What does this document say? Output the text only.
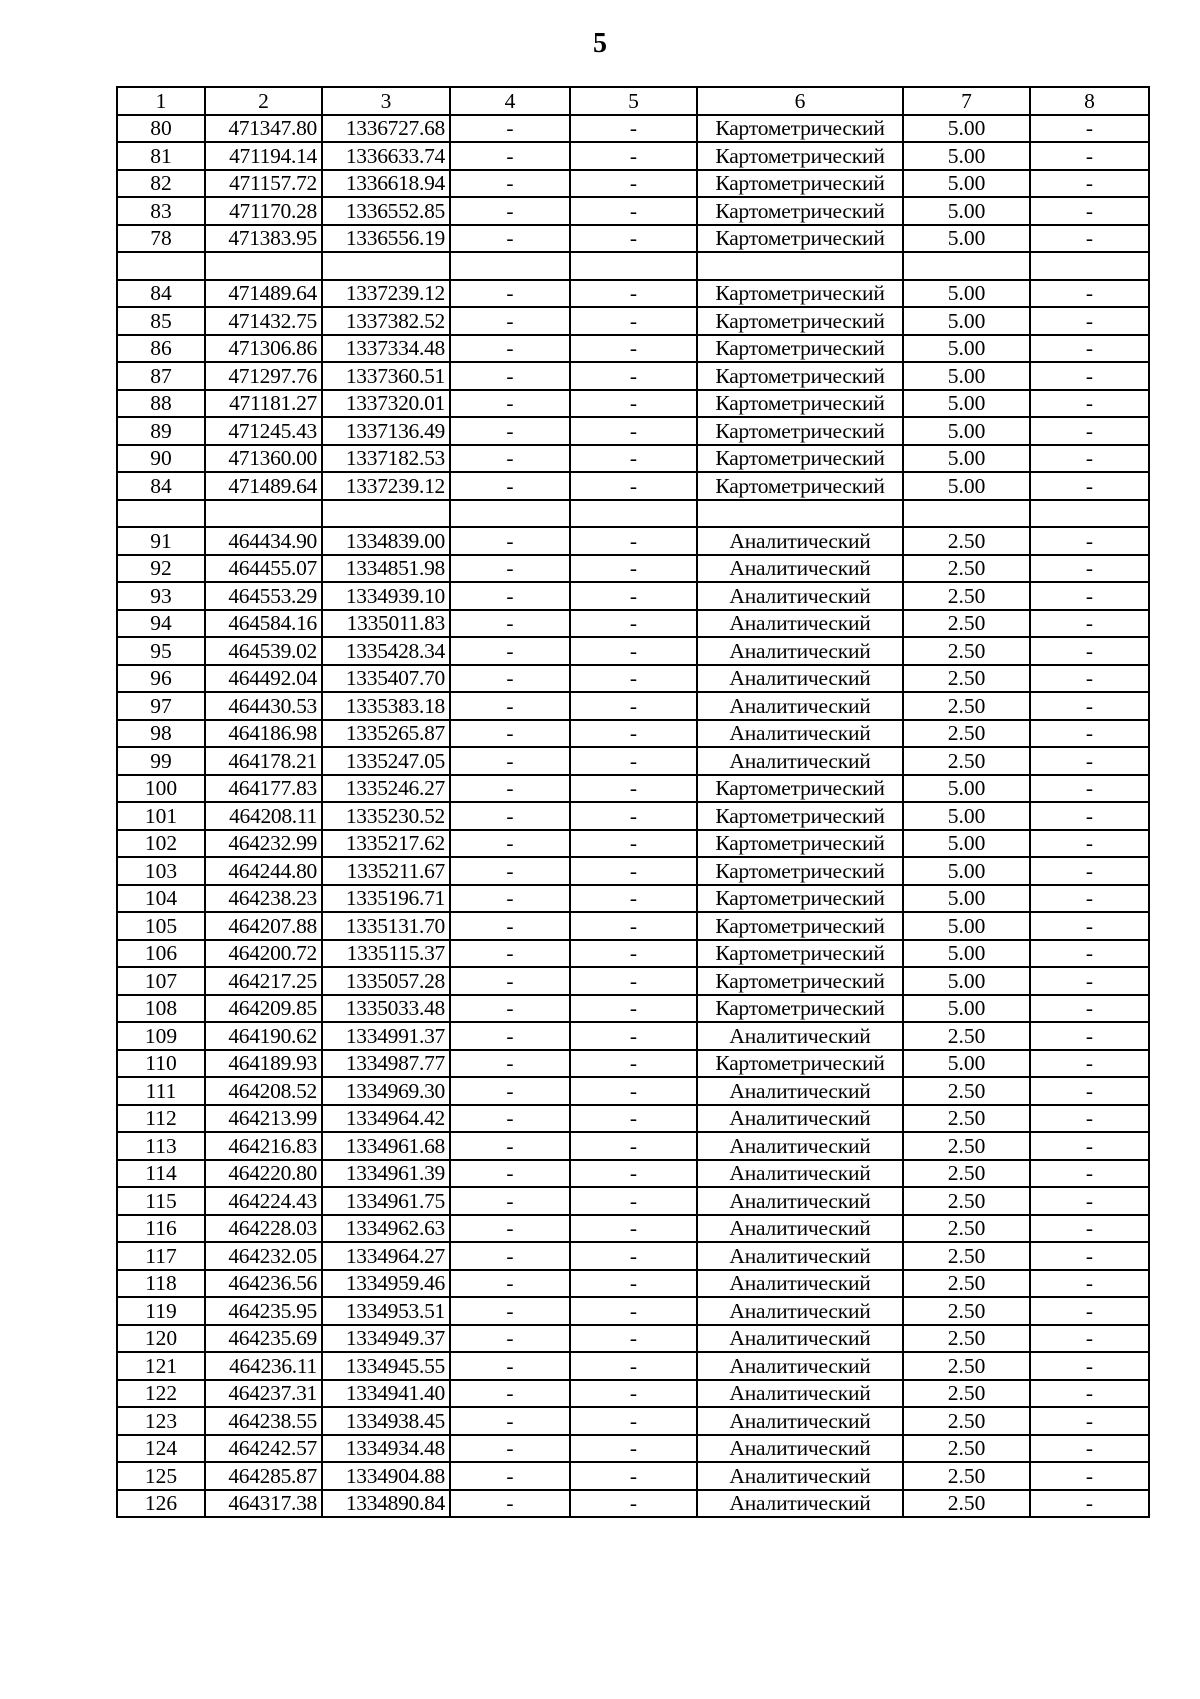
5
1	2	3	4	5	6	7	8
80	471347.80	1336727.68	-	-	Картометрический	5.00	-
81	471194.14	1336633.74	-	-	Картометрический	5.00	-
82	471157.72	1336618.94	-	-	Картометрический	5.00	-
83	471170.28	1336552.85	-	-	Картометрический	5.00	-
78	471383.95	1336556.19	-	-	Картометрический	5.00	-

84	471489.64	1337239.12	-	-	Картометрический	5.00	-
85	471432.75	1337382.52	-	-	Картометрический	5.00	-
86	471306.86	1337334.48	-	-	Картометрический	5.00	-
87	471297.76	1337360.51	-	-	Картометрический	5.00	-
88	471181.27	1337320.01	-	-	Картометрический	5.00	-
89	471245.43	1337136.49	-	-	Картометрический	5.00	-
90	471360.00	1337182.53	-	-	Картометрический	5.00	-
84	471489.64	1337239.12	-	-	Картометрический	5.00	-

91	464434.90	1334839.00	-	-	Аналитический	2.50	-
92	464455.07	1334851.98	-	-	Аналитический	2.50	-
93	464553.29	1334939.10	-	-	Аналитический	2.50	-
94	464584.16	1335011.83	-	-	Аналитический	2.50	-
95	464539.02	1335428.34	-	-	Аналитический	2.50	-
96	464492.04	1335407.70	-	-	Аналитический	2.50	-
97	464430.53	1335383.18	-	-	Аналитический	2.50	-
98	464186.98	1335265.87	-	-	Аналитический	2.50	-
99	464178.21	1335247.05	-	-	Аналитический	2.50	-
100	464177.83	1335246.27	-	-	Картометрический	5.00	-
101	464208.11	1335230.52	-	-	Картометрический	5.00	-
102	464232.99	1335217.62	-	-	Картометрический	5.00	-
103	464244.80	1335211.67	-	-	Картометрический	5.00	-
104	464238.23	1335196.71	-	-	Картометрический	5.00	-
105	464207.88	1335131.70	-	-	Картометрический	5.00	-
106	464200.72	1335115.37	-	-	Картометрический	5.00	-
107	464217.25	1335057.28	-	-	Картометрический	5.00	-
108	464209.85	1335033.48	-	-	Картометрический	5.00	-
109	464190.62	1334991.37	-	-	Аналитический	2.50	-
110	464189.93	1334987.77	-	-	Картометрический	5.00	-
111	464208.52	1334969.30	-	-	Аналитический	2.50	-
112	464213.99	1334964.42	-	-	Аналитический	2.50	-
113	464216.83	1334961.68	-	-	Аналитический	2.50	-
114	464220.80	1334961.39	-	-	Аналитический	2.50	-
115	464224.43	1334961.75	-	-	Аналитический	2.50	-
116	464228.03	1334962.63	-	-	Аналитический	2.50	-
117	464232.05	1334964.27	-	-	Аналитический	2.50	-
118	464236.56	1334959.46	-	-	Аналитический	2.50	-
119	464235.95	1334953.51	-	-	Аналитический	2.50	-
120	464235.69	1334949.37	-	-	Аналитический	2.50	-
121	464236.11	1334945.55	-	-	Аналитический	2.50	-
122	464237.31	1334941.40	-	-	Аналитический	2.50	-
123	464238.55	1334938.45	-	-	Аналитический	2.50	-
124	464242.57	1334934.48	-	-	Аналитический	2.50	-
125	464285.87	1334904.88	-	-	Аналитический	2.50	-
126	464317.38	1334890.84	-	-	Аналитический	2.50	-
